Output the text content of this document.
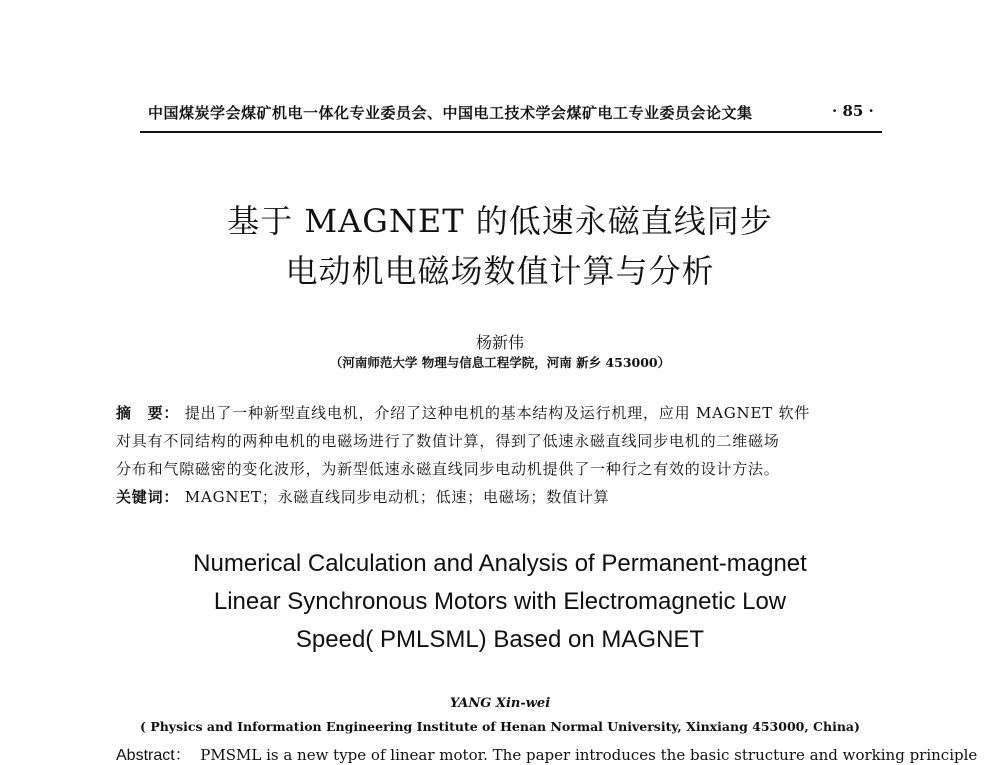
中国煤炭学会煤矿机电一体化专业委员会、中国电工技术学会煤矿电工专业委员会论文集	· 85 ·
基于 MAGNET 的低速永磁直线同步
电动机电磁场数值计算与分析
杨新伟
（河南师范大学 物理与信息工程学院，河南 新乡 453000）
摘　要： 提出了一种新型直线电机，介绍了这种电机的基本结构及运行机理，应用 MAGNET 软件
对具有不同结构的两种电机的电磁场进行了数值计算，得到了低速永磁直线同步电机的二维磁场
分布和气隙磁密的变化波形，为新型低速永磁直线同步电动机提供了一种行之有效的设计方法。
关键词： MAGNET；永磁直线同步电动机；低速；电磁场；数值计算
Numerical Calculation and Analysis of Permanent-magnet
Linear Synchronous Motors with Electromagnetic Low
Speed( PMLSML) Based on MAGNET
YANG Xin-wei
( Physics and Information Engineering Institute of Henan Normal University, Xinxiang 453000, China)
Abstract： PMSML is a new type of linear motor. The paper introduces the basic structure and working principle
